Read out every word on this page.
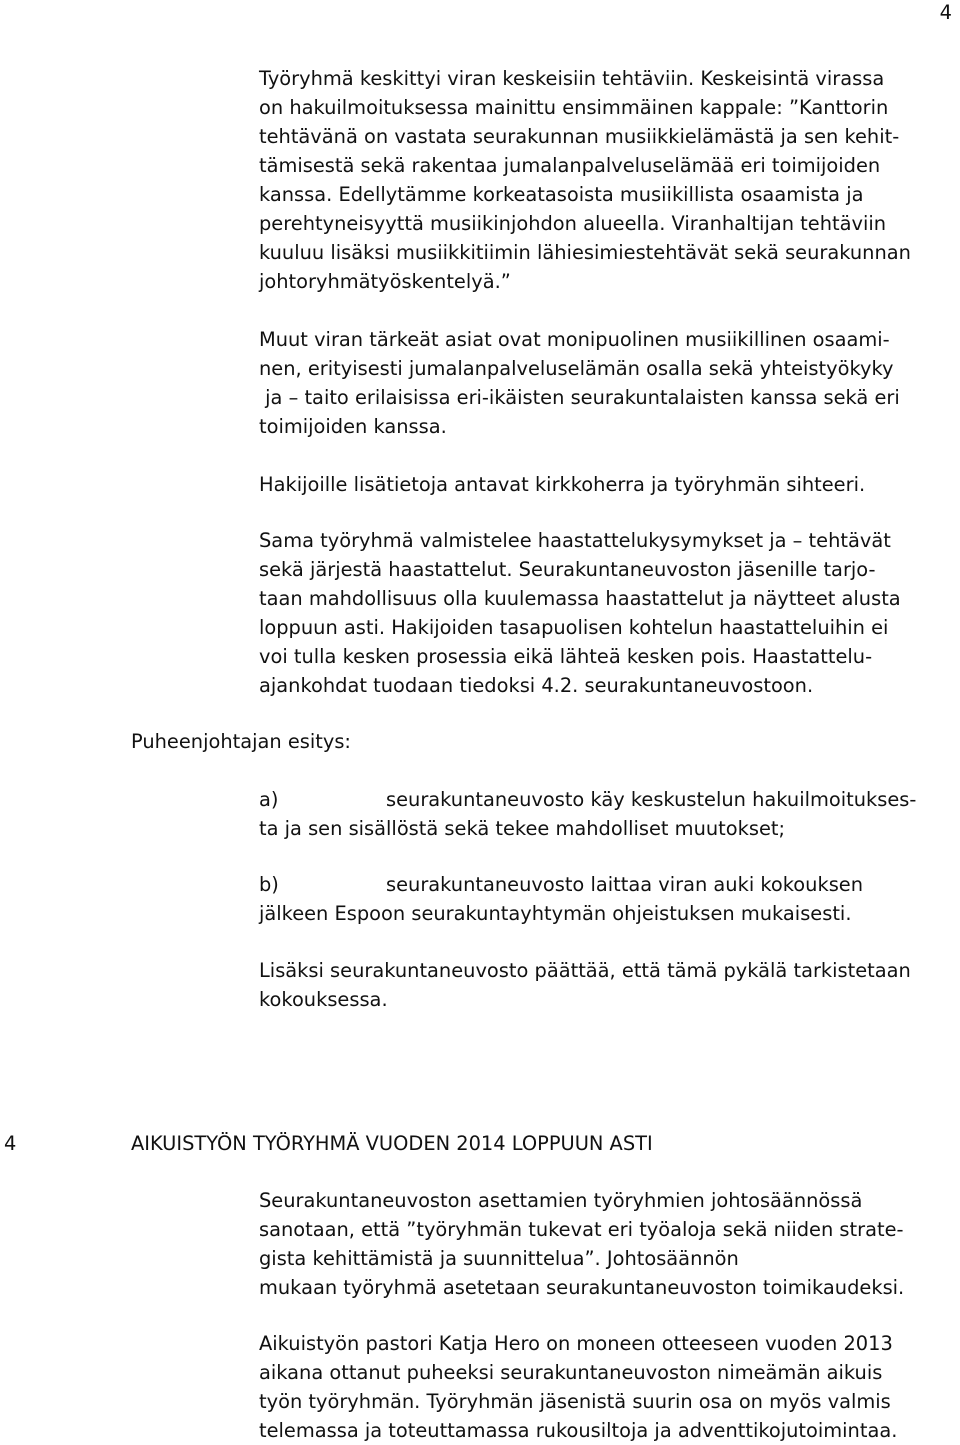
4
Työryhmä keskittyi viran keskeisiin tehtäviin. Keskeisintä virassa
on hakuilmoituksessa mainittu ensimmäinen kappale: ”Kanttorin
tehtävänä on vastata seurakunnan musiikkielämästä ja sen kehit-
tämisestä sekä rakentaa jumalanpalveluselämää eri toimijoiden
kanssa. Edellytämme korkeatasoista musiikillista osaamista ja
perehtyneisyyttä musiikinjohdon alueella. Viranhaltijan tehtäviin
kuuluu lisäksi musiikkitiimin lähiesimiestehtävät sekä seurakunnan
johtoryhmätyöskentelyä.”
Muut viran tärkeät asiat ovat monipuolinen musiikillinen osaami-
nen, erityisesti jumalanpalveluselämän osalla sekä yhteistyökyky
ja – taito erilaisissa eri-ikäisten seurakuntalaisten kanssa sekä eri
toimijoiden kanssa.
Hakijoille lisätietoja antavat kirkkoherra ja työryhmän sihteeri.
Sama työryhmä valmistelee haastattelukysymykset ja – tehtävät
sekä järjestä haastattelut. Seurakuntaneuvoston jäsenille tarjo-
taan mahdollisuus olla kuulemassa haastattelut ja näytteet alusta
loppuun asti. Hakijoiden tasapuolisen kohtelun haastatteluihin ei
voi tulla kesken prosessia eikä lähteä kesken pois. Haastattelu-
ajankohdat tuodaan tiedoksi 4.2. seurakuntaneuvostoon.
Puheenjohtajan esitys:
a)	seurakuntaneuvosto käy keskustelun hakuilmoitukses-
ta ja sen sisällöstä sekä tekee mahdolliset muutokset;
b)	seurakuntaneuvosto laittaa viran auki kokouksen
jälkeen Espoon seurakuntayhtymän ohjeistuksen mukaisesti.
Lisäksi seurakuntaneuvosto päättää, että tämä pykälä tarkistetaan
kokouksessa.
4	AIKUISTYÖN TYÖRYHMÄ VUODEN 2014 LOPPUUN ASTI
Seurakuntaneuvoston asettamien työryhmien johtosäännössä
sanotaan, että ”työryhmän tukevat eri työaloja sekä niiden strate-
gista kehittämistä ja suunnittelua”. Johtosäännön
mukaan työryhmä asetetaan seurakuntaneuvoston toimikaudeksi.
Aikuistyön pastori Katja Hero on moneen otteeseen vuoden 2013
aikana ottanut puheeksi seurakuntaneuvoston nimeämän aikuis
työn työryhmän. Työryhmän jäsenistä suurin osa on myös valmis
telemassa ja toteuttamassa rukousiltoja ja adventtikojutoimintaa.
